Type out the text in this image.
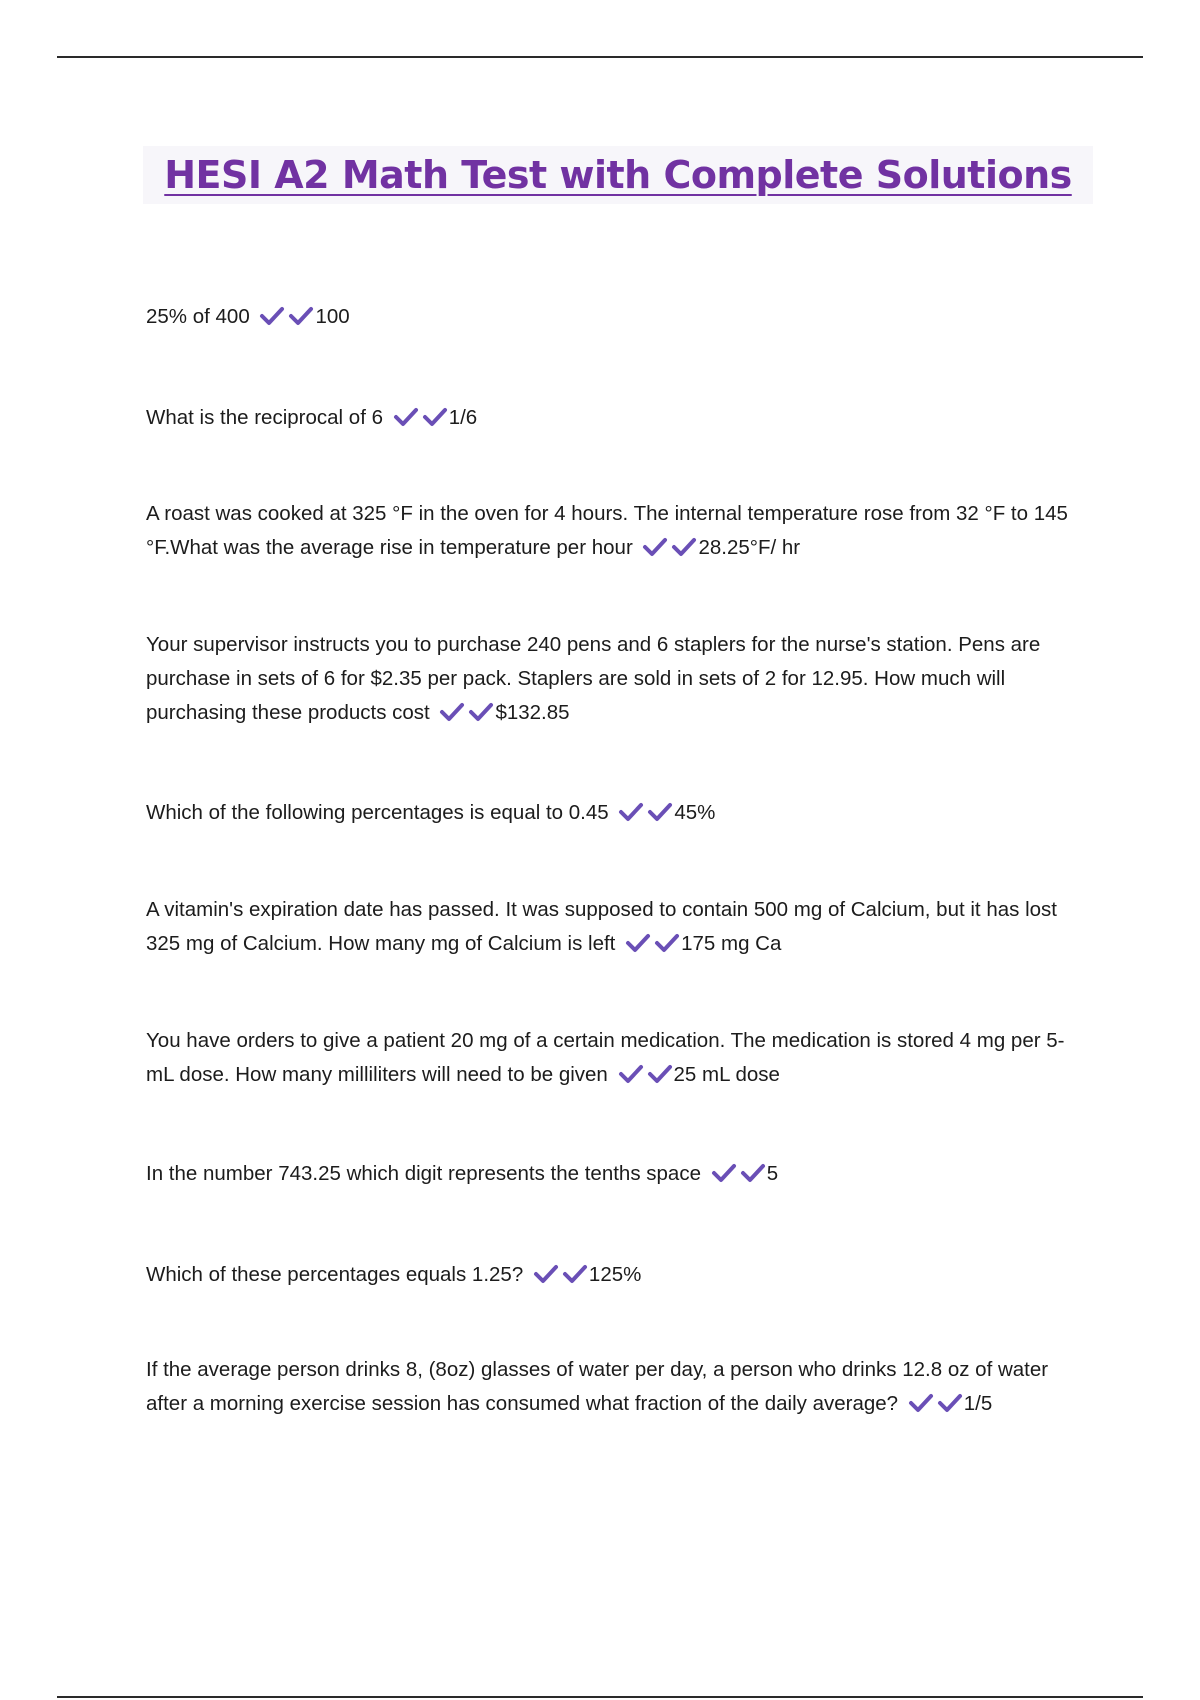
HESI A2 Math Test with Complete Solutions

25% of 400	100

What is the reciprocal of 6	1/6

A roast was cooked at 325 °F in the oven for 4 hours. The internal temperature rose from 32 °F to 145 °F.What was the average rise in temperature per hour	28.25°F/ hr

Your supervisor instructs you to purchase 240 pens and 6 staplers for the nurse's station. Pens are purchase in sets of 6 for $2.35 per pack. Staplers are sold in sets of 2 for 12.95. How much will purchasing these products cost	$132.85

Which of the following percentages is equal to 0.45	45%

A vitamin's expiration date has passed. It was supposed to contain 500 mg of Calcium, but it has lost 325 mg of Calcium. How many mg of Calcium is left	175 mg Ca

You have orders to give a patient 20 mg of a certain medication. The medication is stored 4 mg per 5-mL dose. How many milliliters will need to be given	25 mL dose

In the number 743.25 which digit represents the tenths space	5

Which of these percentages equals 1.25?	125%

If the average person drinks 8, (8oz) glasses of water per day, a person who drinks 12.8 oz of water after a morning exercise session has consumed what fraction of the daily average?	1/5
